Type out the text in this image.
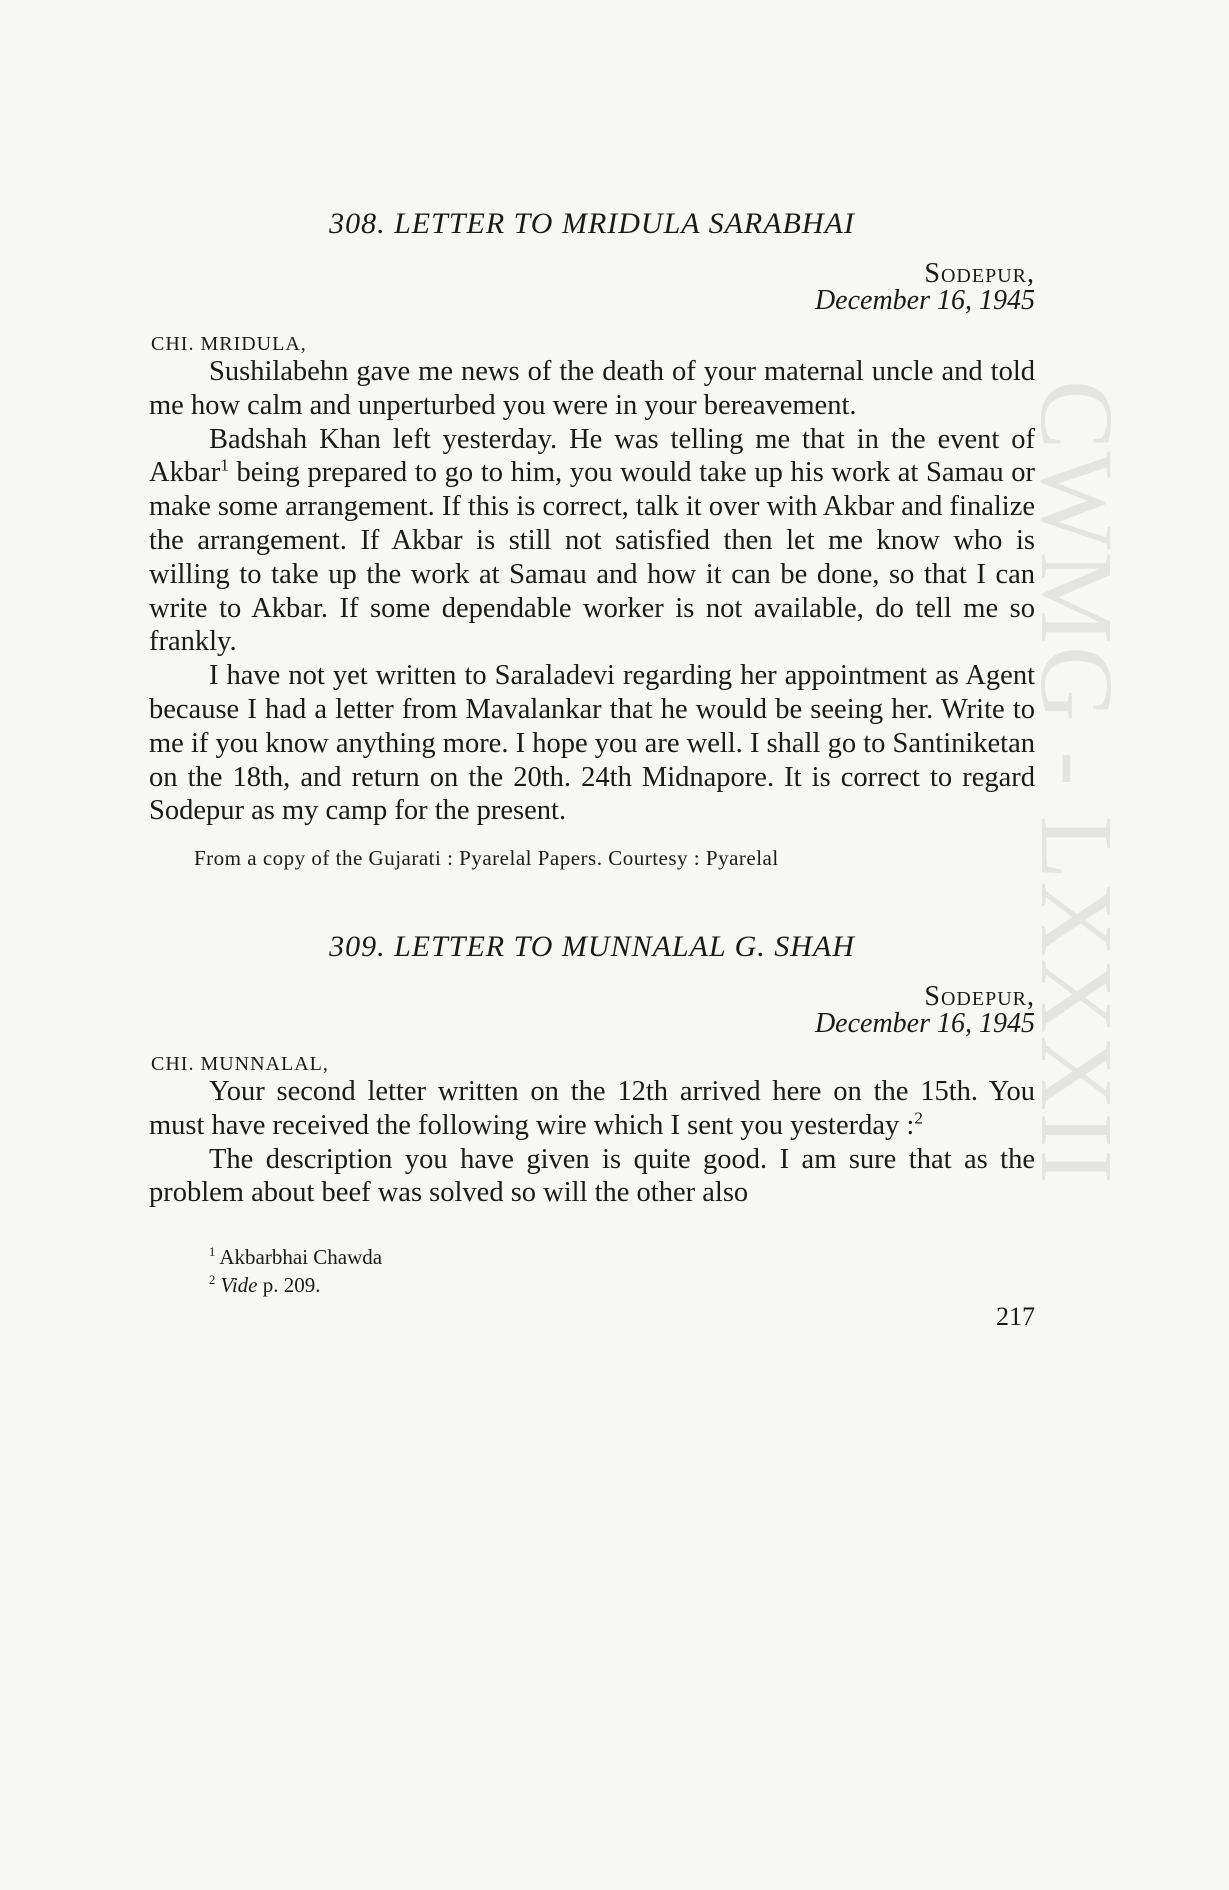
CWMG - LXXXII
308. LETTER TO MRIDULA SARABHAI
Sodepur,
December 16, 1945
CHI. MRIDULA,

Sushilabehn gave me news of the death of your maternal uncle and told me how calm and unperturbed you were in your bereavement.

Badshah Khan left yesterday. He was telling me that in the event of Akbar$^1$ being prepared to go to him, you would take up his work at Samau or make some arrangement. If this is correct, talk it over with Akbar and finalize the arrangement. If Akbar is still not satisfied then let me know who is willing to take up the work at Samau and how it can be done, so that I can write to Akbar. If some dependable worker is not available, do tell me so frankly.

I have not yet written to Saraladevi regarding her appointment as Agent because I had a letter from Mavalankar that he would be seeing her. Write to me if you know anything more. I hope you are well. I shall go to Santiniketan on the 18th, and return on the 20th. 24th Midnapore. It is correct to regard Sodepur as my camp for the present.

From a copy of the Gujarati : Pyarelal Papers. Courtesy : Pyarelal
309. LETTER TO MUNNALAL G. SHAH
Sodepur,
December 16, 1945
CHI. MUNNALAL,

Your second letter written on the 12th arrived here on the 15th. You must have received the following wire which I sent you yesterday :$^2$

The description you have given is quite good. I am sure that as the problem about beef was solved so will the other also

$^1$ Akbarbhai Chawda
$^2$ Vide p. 209.
217
